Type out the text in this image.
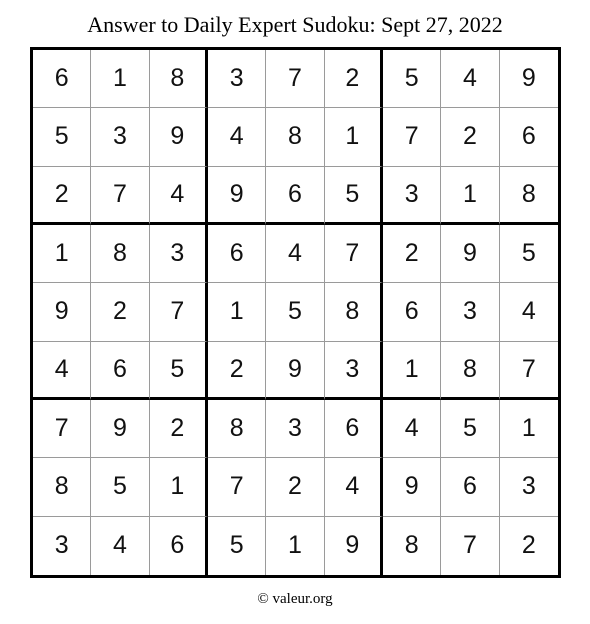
Answer to Daily Expert Sudoku: Sept 27, 2022
6	1	8	3	7	2	5	4	9
5	3	9	4	8	1	7	2	6
2	7	4	9	6	5	3	1	8
1	8	3	6	4	7	2	9	5
9	2	7	1	5	8	6	3	4
4	6	5	2	9	3	1	8	7
7	9	2	8	3	6	4	5	1
8	5	1	7	2	4	9	6	3
3	4	6	5	1	9	8	7	2
© valeur.org
